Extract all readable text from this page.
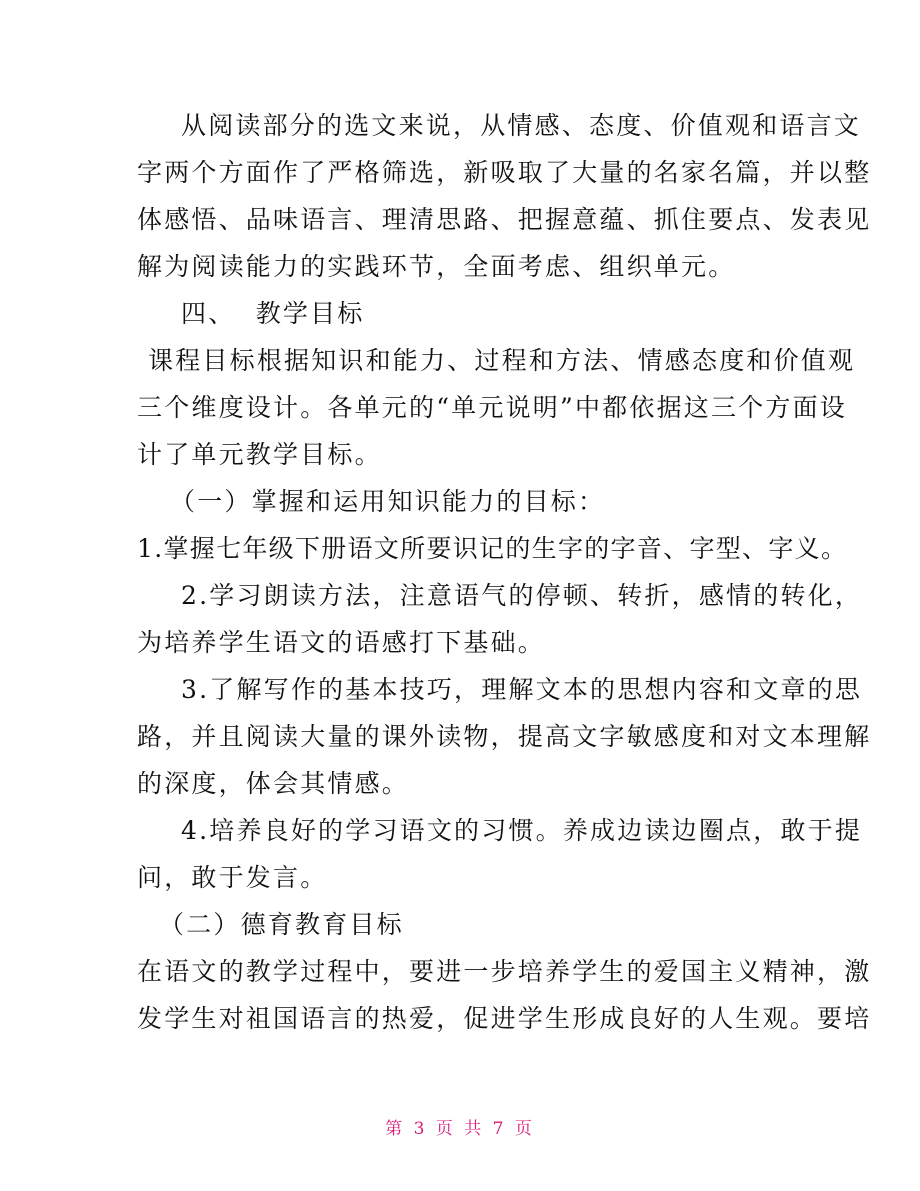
从阅读部分的选文来说，从情感、态度、价值观和语言文
字两个方面作了严格筛选，新吸取了大量的名家名篇，并以整
体感悟、品味语言、理清思路、把握意蕴、抓住要点、发表见
解为阅读能力的实践环节，全面考虑、组织单元。
四、  教学目标
课程目标根据知识和能力、过程和方法、情感态度和价值观
三个维度设计。各单元的“单元说明”中都依据这三个方面设
计了单元教学目标。
（一）掌握和运用知识能力的目标：
1.掌握七年级下册语文所要识记的生字的字音、字型、字义。
2.学习朗读方法，注意语气的停顿、转折，感情的转化，
为培养学生语文的语感打下基础。
3.了解写作的基本技巧，理解文本的思想内容和文章的思
路，并且阅读大量的课外读物，提高文字敏感度和对文本理解
的深度，体会其情感。
4.培养良好的学习语文的习惯。养成边读边圈点，敢于提
问，敢于发言。
（二）德育教育目标
在语文的教学过程中，要进一步培养学生的爱国主义精神，激
发学生对祖国语言的热爱，促进学生形成良好的人生观。要培
第 3 页 共 7 页
